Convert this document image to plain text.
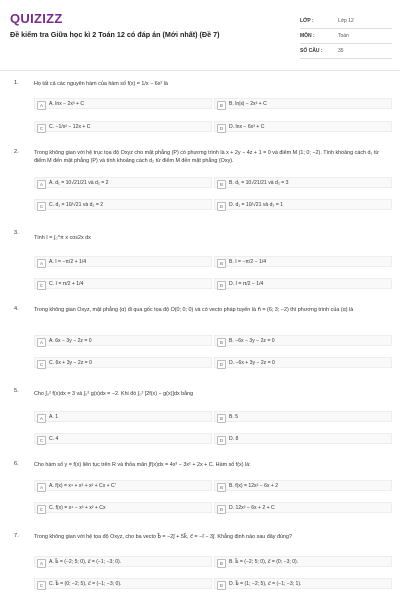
QUIZIZZ
Đề kiểm tra Giữa học kì 2 Toán 12 có đáp án (Mới nhất) (Đề 7)
LỚP :	Lớp 12
MÔN :	Toán
SỐ CÂU :	35
1.	Họ tất cả các nguyên hàm của hàm số f(x) = 1/x − 6x² là
A	A. lnx − 2x³ + C	B	B. ln|x| − 2x³ + C
C	C. −1/x² − 12x + C	D	D. lnx − 6x³ + C
2.	Trong không gian với hệ trục tọa độ Oxyz cho mặt phẳng (P) có phương trình là x + 2y − 4z + 1 = 0 và điểm M (1; 0; −2). Tính khoảng cách d₁ từ điểm M đến mặt phẳng (P) và tính khoảng cách d₂ từ điểm M đến mặt phẳng (Oxy).
A	A. d₁ = 10√21/21 và d₂ = 2	B	B. d₁ = 10√21/21 và d₂ = 3
C	C. d₁ = 10/√21 và d₂ = 2	D	D. d₁ = 10/√21 và d₂ = 1
3.
Tính I = ∫₀^π x cos2x dx
A	A. I = −π/2 + 1/4	B	B. I = −π/2 − 1/4
C	C. I = π/2 + 1/4	D	D. I = π/2 − 1/4
4.	Trong không gian Oxyz, mặt phẳng (α) đi qua gốc tọa độ O(0; 0; 0) và có vecto pháp tuyến là n⃗ = (6; 3; −2) thì phương trình của (α) là
A	A. 6x − 3y − 2z = 0	B	B. −6x − 3y − 2z = 0
C	C. 6x + 3y − 2z = 0	D	D. −6x + 3y − 2z = 0
5.	Cho ∫₀² f(x)dx = 3 và ∫₀² g(x)dx = −2. Khi đó ∫₀² [2f(x) − g(x)]dx bằng
A	A. 1	B	B. 5
C	C. 4	D	D. 8
6.	Cho hàm số y = f(x) liên tục trên R và thỏa mãn ∫f(x)dx = 4x³ − 3x² + 2x + C. Hàm số f(x) là:
A	A. f(x) = x⁴ + x³ + x² + Cx + C'	B	B. f(x) = 12x² − 6x + 2
C	C. f(x) = x⁴ − x³ + x² + Cx	D	D. 12x² − 6x + 2 + C
7.	Trong không gian với hệ tọa độ Oxyz, cho ba vecto b⃗ = −2j⃗ + 5k⃗, c⃗ = −i⃗ − 3j⃗. Khẳng định nào sau đây đúng?
A	A. b⃗ = (−2; 5; 0), c⃗ = (−1; −3; 0).	B	B. b⃗ = (−2; 5; 0), c⃗ = (0; −3; 0).
C	C. b⃗ = (0; −2; 5), c⃗ = (−1; −3; 0).	D	D. b⃗ = (1; −2; 5), c⃗ = (−1; −3; 1).
